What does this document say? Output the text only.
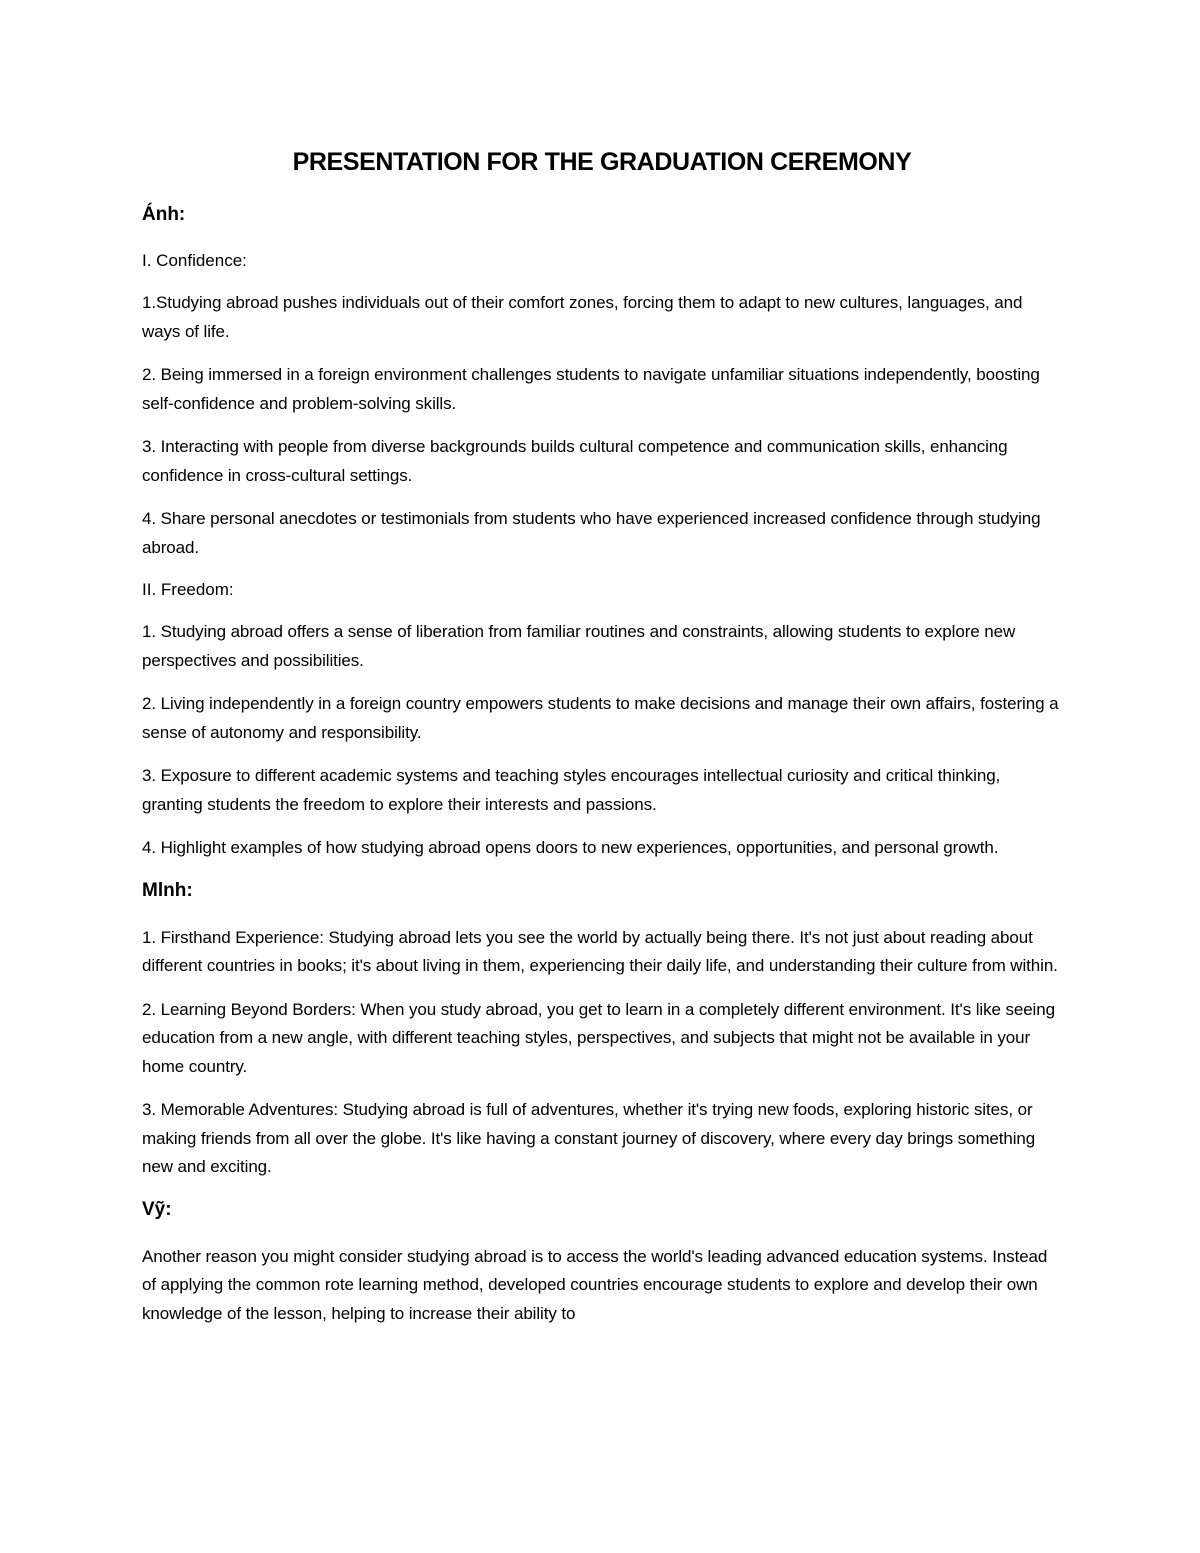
PRESENTATION FOR THE GRADUATION CEREMONY
Ánh:
I. Confidence:

1.Studying abroad pushes individuals out of their comfort zones, forcing them to adapt to new cultures, languages, and ways of life.

2. Being immersed in a foreign environment challenges students to navigate unfamiliar situations independently, boosting self-confidence and problem-solving skills.

3. Interacting with people from diverse backgrounds builds cultural competence and communication skills, enhancing confidence in cross-cultural settings.

4. Share personal anecdotes or testimonials from students who have experienced increased confidence through studying abroad.

II. Freedom:

1. Studying abroad offers a sense of liberation from familiar routines and constraints, allowing students to explore new perspectives and possibilities.

2. Living independently in a foreign country empowers students to make decisions and manage their own affairs, fostering a sense of autonomy and responsibility.

3. Exposure to different academic systems and teaching styles encourages intellectual curiosity and critical thinking, granting students the freedom to explore their interests and passions.

4. Highlight examples of how studying abroad opens doors to new experiences, opportunities, and personal growth.

Mlnh:

1. Firsthand Experience: Studying abroad lets you see the world by actually being there. It's not just about reading about different countries in books; it's about living in them, experiencing their daily life, and understanding their culture from within.

2. Learning Beyond Borders: When you study abroad, you get to learn in a completely different environment. It's like seeing education from a new angle, with different teaching styles, perspectives, and subjects that might not be available in your home country.

3. Memorable Adventures: Studying abroad is full of adventures, whether it's trying new foods, exploring historic sites, or making friends from all over the globe. It's like having a constant journey of discovery, where every day brings something new and exciting.

Vỹ:

Another reason you might consider studying abroad is to access the world's leading advanced education systems. Instead of applying the common rote learning method, developed countries encourage students to explore and develop their own knowledge of the lesson, helping to increase their ability to
